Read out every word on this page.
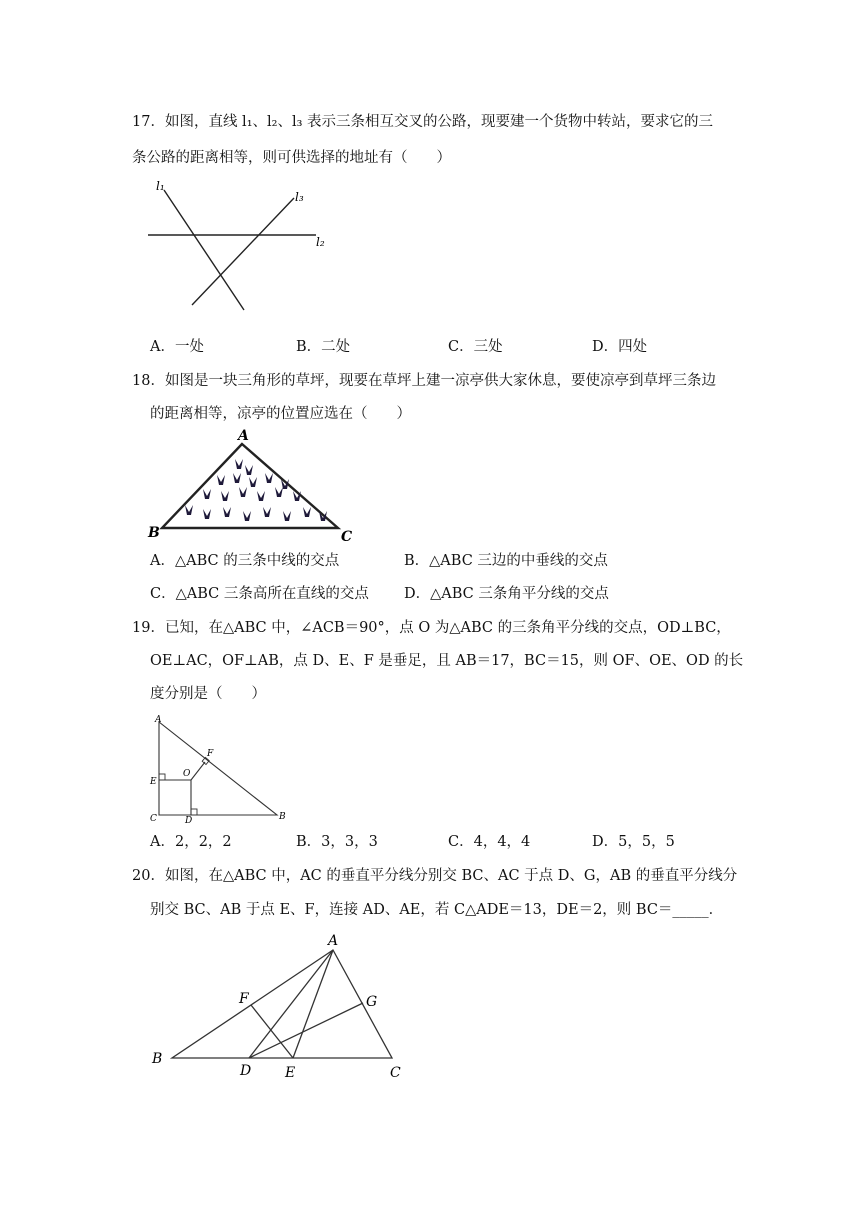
17．如图，直线 l₁、l₂、l₃ 表示三条相互交叉的公路，现要建一个货物中转站，要求它的三
条公路的距离相等，则可供选择的地址有（　　）
l₁
l₂
l₃
A．一处	B．二处	C．三处	D．四处
18．如图是一块三角形的草坪，现要在草坪上建一凉亭供大家休息，要使凉亭到草坪三条边
的距离相等，凉亭的位置应选在（　　）
A
B	C
A．△ABC 的三条中线的交点	B．△ABC 三边的中垂线的交点
C．△ABC 三条高所在直线的交点 D．△ABC 三条角平分线的交点
19．已知，在△ABC 中，∠ACB＝90°，点 O 为△ABC 的三条角平分线的交点，OD⊥BC，
OE⊥AC，OF⊥AB，点 D、E、F 是垂足，且 AB＝17，BC＝15，则 OF、OE、OD 的长
度分别是（　　）
A
B
C	D
E
F
O
A．2，2，2	B．3，3，3	C．4，4，4	D．5，5，5
20．如图，在△ABC 中，AC 的垂直平分线分别交 BC、AC 于点 D、G，AB 的垂直平分线分
别交 BC、AB 于点 E、F，连接 AD、AE，若 C△ADE＝13，DE＝2，则 BC＝_____．
A
B
C
D E
F	G
